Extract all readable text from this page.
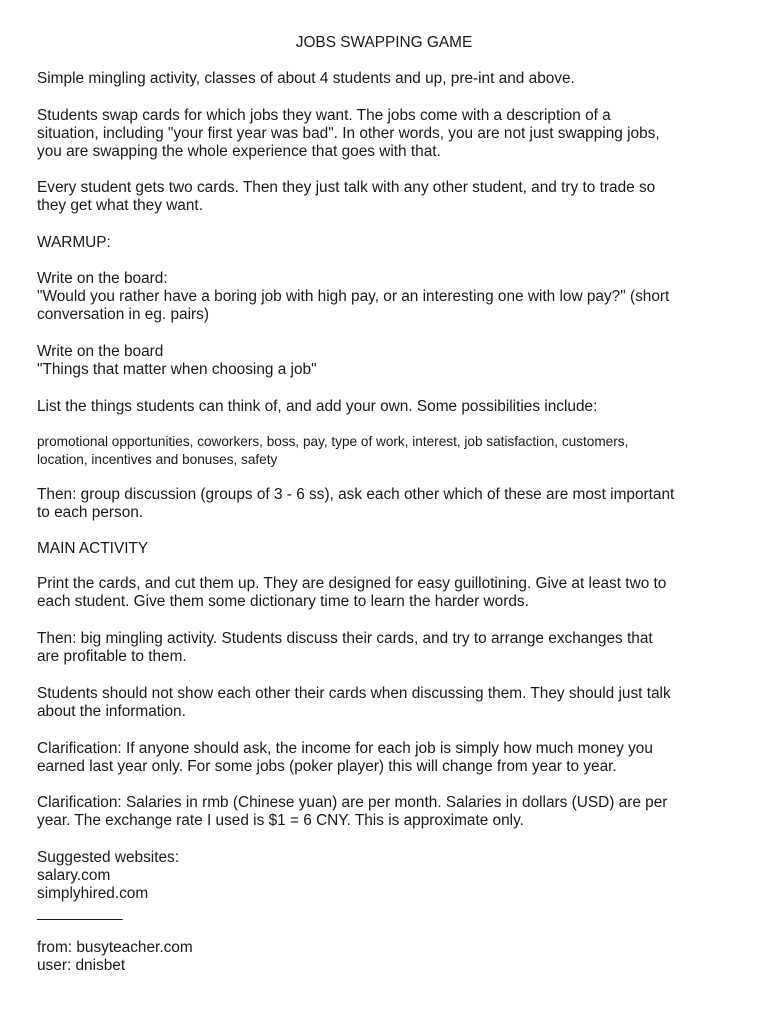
JOBS SWAPPING GAME
Simple mingling activity, classes of about 4 students and up, pre-int and above.
Students swap cards for which jobs they want. The jobs come with a description of a
situation, including "your first year was bad". In other words, you are not just swapping jobs,
you are swapping the whole experience that goes with that.
Every student gets two cards. Then they just talk with any other student, and try to trade so
they get what they want.
WARMUP:
Write on the board:
"Would you rather have a boring job with high pay, or an interesting one with low pay?" (short
conversation in eg. pairs)
Write on the board
"Things that matter when choosing a job"
List the things students can think of, and add your own. Some possibilities include:
promotional opportunities, coworkers, boss, pay, type of work, interest, job satisfaction, customers,
location, incentives and bonuses, safety
Then: group discussion (groups of 3 - 6 ss), ask each other which of these are most important
to each person.
MAIN ACTIVITY
Print the cards, and cut them up. They are designed for easy guillotining. Give at least two to
each student. Give them some dictionary time to learn the harder words.
Then: big mingling activity. Students discuss their cards, and try to arrange exchanges that
are profitable to them.
Students should not show each other their cards when discussing them. They should just talk
about the information.
Clarification: If anyone should ask, the income for each job is simply how much money you
earned last year only. For some jobs (poker player) this will change from year to year.
Clarification: Salaries in rmb (Chinese yuan) are per month. Salaries in dollars (USD) are per
year. The exchange rate I used is $1 = 6 CNY. This is approximate only.
Suggested websites:
salary.com
simplyhired.com
__________
from: busyteacher.com
user: dnisbet
